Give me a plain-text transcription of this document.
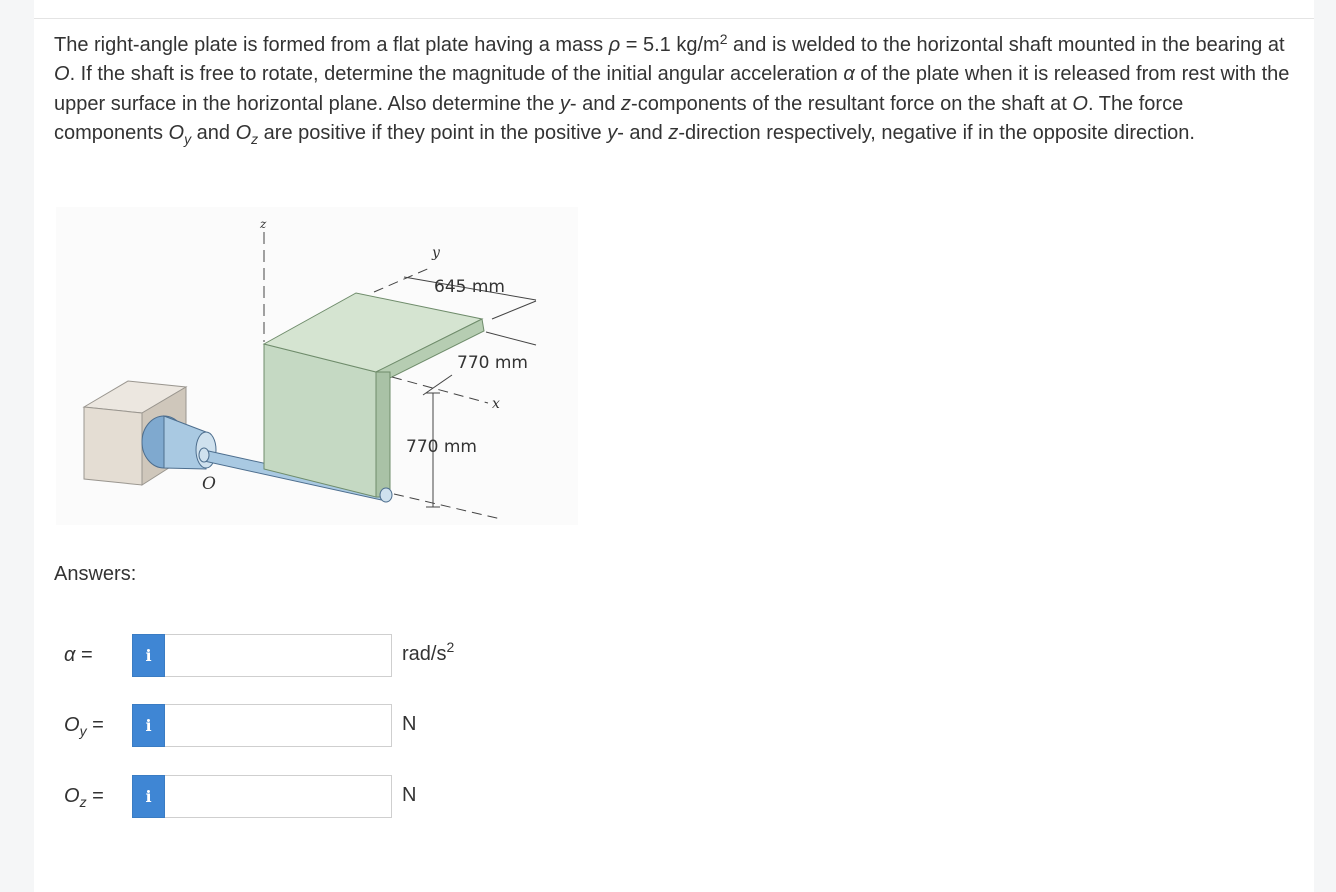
The right-angle plate is formed from a flat plate having a mass ρ = 5.1 $kg/m^2$ and is welded to the horizontal shaft mounted in the bearing at O. If the shaft is free to rotate, determine the magnitude of the initial angular acceleration α of the plate when it is released from rest with the upper surface in the horizontal plane. Also determine the y- and z-components of the resultant force on the shaft at O. The force components $O_y$ and $O_z$ are positive if they point in the positive y- and z-direction respectively, negative if in the opposite direction.
z
y
x
O
645 mm
770 mm
770 mm
Answers:
α =	i	rad/$s^2$
$O_y$ =	i	N
$O_z$ =	i	N
